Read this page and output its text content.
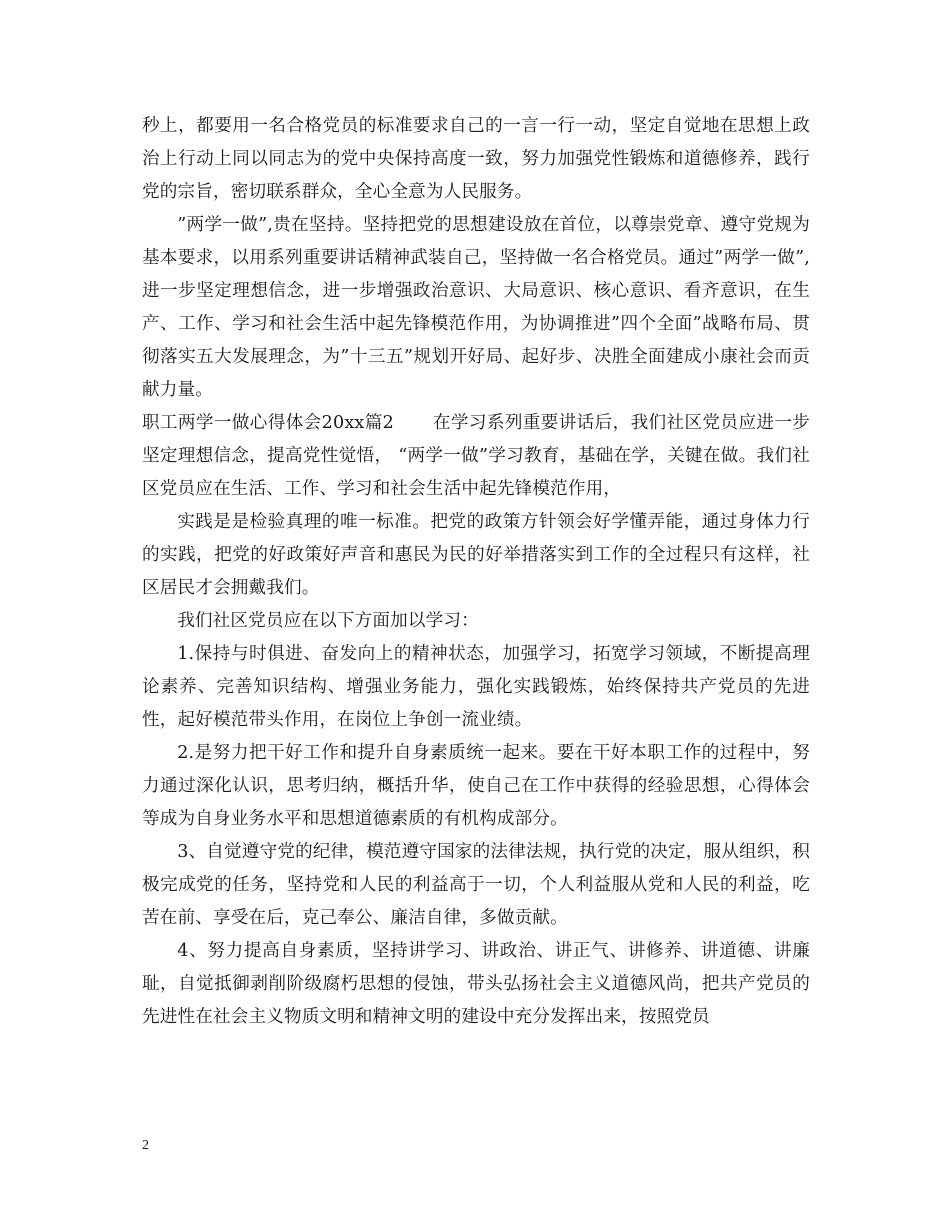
秒上，都要用一名合格党员的标准要求自己的一言一行一动，坚定自觉地在思想上政治上行动上同以同志为的党中央保持高度一致，努力加强党性锻炼和道德修养，践行党的宗旨，密切联系群众，全心全意为人民服务。

”两学一做”,贵在坚持。坚持把党的思想建设放在首位，以尊崇党章、遵守党规为基本要求，以用系列重要讲话精神武装自己，坚持做一名合格党员。通过”两学一做”,进一步坚定理想信念，进一步增强政治意识、大局意识、核心意识、看齐意识，在生产、工作、学习和社会生活中起先锋模范作用，为协调推进”四个全面”战略布局、贯彻落实五大发展理念，为”十三五”规划开好局、起好步、决胜全面建成小康社会而贡献力量。

职工两学一做心得体会20xx篇2 在学习系列重要讲话后，我们社区党员应进一步坚定理想信念，提高党性觉悟， “两学一做”学习教育，基础在学，关键在做。我们社区党员应在生活、工作、学习和社会生活中起先锋模范作用，

实践是是检验真理的唯一标准。把党的政策方针领会好学懂弄能，通过身体力行的实践，把党的好政策好声音和惠民为民的好举措落实到工作的全过程只有这样，社区居民才会拥戴我们。

我们社区党员应在以下方面加以学习：

1.保持与时俱进、奋发向上的精神状态，加强学习，拓宽学习领域，不断提高理论素养、完善知识结构、增强业务能力，强化实践锻炼，始终保持共产党员的先进性，起好模范带头作用，在岗位上争创一流业绩。

2.是努力把干好工作和提升自身素质统一起来。要在干好本职工作的过程中，努力通过深化认识，思考归纳，概括升华，使自己在工作中获得的经验思想，心得体会等成为自身业务水平和思想道德素质的有机构成部分。

3、自觉遵守党的纪律，模范遵守国家的法律法规，执行党的决定，服从组织，积极完成党的任务，坚持党和人民的利益高于一切，个人利益服从党和人民的利益，吃苦在前、享受在后，克己奉公、廉洁自律，多做贡献。

4、努力提高自身素质，坚持讲学习、讲政治、讲正气、讲修养、讲道德、讲廉耻，自觉抵御剥削阶级腐朽思想的侵蚀，带头弘扬社会主义道德风尚，把共产党员的先进性在社会主义物质文明和精神文明的建设中充分发挥出来，按照党员

2
